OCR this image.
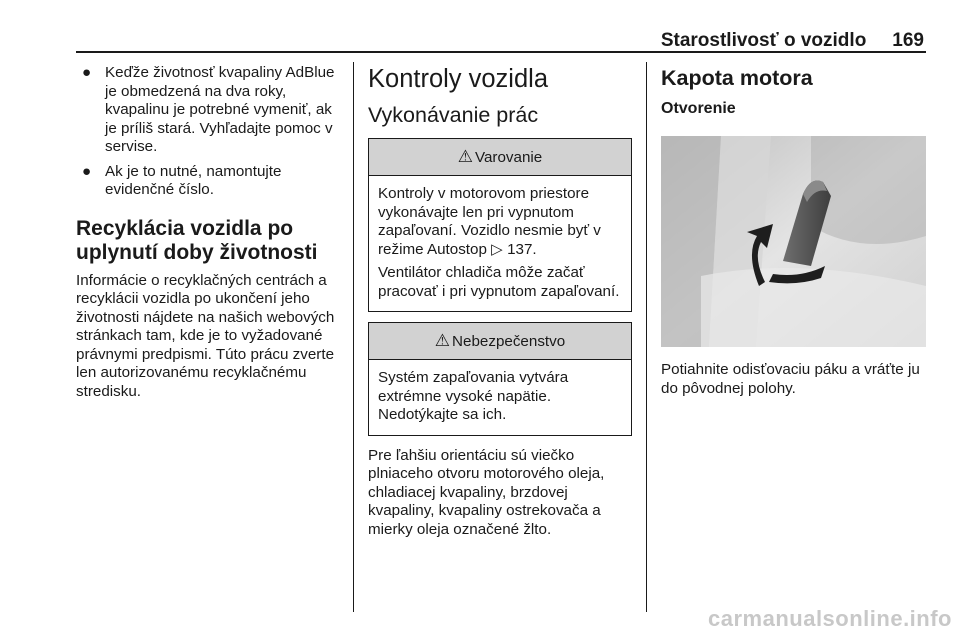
Starostlivosť o vozidlo 169
● Keďže životnosť kvapaliny AdBlue je obmedzená na dva roky, kvapalinu je potrebné vymeniť, ak je príliš stará. Vyhľadajte pomoc v servise.
● Ak je to nutné, namontujte evidenčné číslo.
Recyklácia vozidla po uplynutí doby životnosti

Informácie o recyklačných centrách a recyklácii vozidla po ukončení jeho životnosti nájdete na našich webových stránkach tam, kde je to vyžadované právnymi predpismi. Túto prácu zverte len autorizovanému recyklačnému stredisku.

Kontroly vozidla
Vykonávanie prác
⚠ Varovanie

Kontroly v motorovom priestore vykonávajte len pri vypnutom zapaľovaní. Vozidlo nesmie byť v režime Autostop ▷ 137.

Ventilátor chladiča môže začať pracovať i pri vypnutom zapaľovaní.

⚠ Nebezpečenstvo

Systém zapaľovania vytvára extrémne vysoké napätie. Nedotýkajte sa ich.

Pre ľahšiu orientáciu sú viečko plniaceho otvoru motorového oleja, chladiacej kvapaliny, brzdovej kvapaliny, kvapaliny ostrekovača a mierky oleja označené žlto.

Kapota motora
Otvorenie

Potiahnite odisťovaciu páku a vráťte ju do pôvodnej polohy.

carmanualsonline.info
